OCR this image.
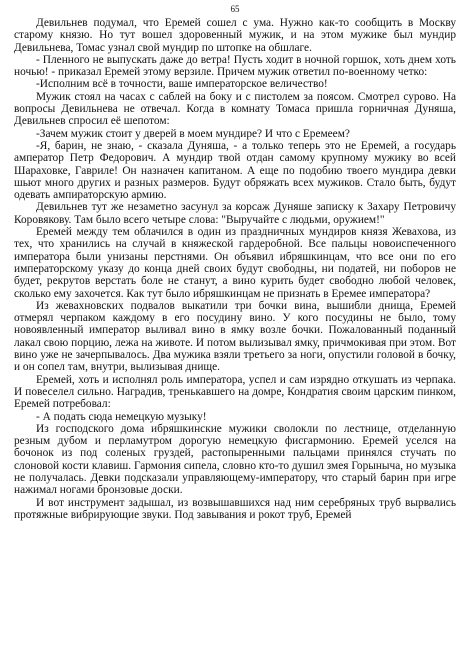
65

Девильнев подумал, что Еремей сошел с ума. Нужно как-то сообщить в Москву старому князю. Но тут вошел здоровенный мужик, и на этом мужике был мундир Девильнева, Томас узнал свой мундир по штопке на обшлаге.

- Пленного не выпускать даже до ветра! Пусть ходит в ночной горшок, хоть днем хоть ночью! - приказал Еремей этому верзиле. Причем мужик ответил по-военному четко:

-Исполним всё в точности, ваше императорское величество!

Мужик стоял на часах с саблей на боку и с пистолем за поясом. Смотрел сурово. На вопросы Девильнева не отвечал. Когда в комнату Томаса пришла горничная Дуняша, Девильнев спросил её шепотом:

-Зачем мужик стоит у дверей в моем мундире? И что с Еремеем?

-Я, барин, не знаю, - сказала Дуняша, - а только теперь это не Еремей, а государь амператор Петр Федорович. А мундир твой отдан самому крупному мужику во всей Шараховке, Гавриле! Он назначен капитаном. А еще по подобию твоего мундира девки шьют много других и разных размеров. Будут обряжать всех мужиков. Стало быть, будут одевать ампираторскую армию.

Девильнев тут же незаметно засунул за корсаж Дуняше записку к Захару Петровичу Коровякову. Там было всего четыре слова: "Выручайте с людьми, оружием!"

Еремей между тем облачился в один из праздничных мундиров князя Жевахова, из тех, что хранились на случай в княжеской гардеробной. Все пальцы новоиспеченного императора были унизаны перстнями. Он объявил ибряшкинцам, что все они по его императорскому указу до конца дней своих будут свободны, ни податей, ни поборов не будет, рекрутов верстать боле не станут, а вино курить будет свободно любой человек, сколько ему захочется. Как тут было ибряшкинцам не признать в Еремее императора?

Из жевахновских подвалов выкатили три бочки вина, вышибли днища, Еремей отмерял черпаком каждому в его посудину вино. У кого посудины не было, тому новоявленный император выливал вино в ямку возле бочки. Пожалованный поданный лакал свою порцию, лежа на животе. И потом вылизывал ямку, причмокивая при этом. Вот вино уже не зачерпывалось. Два мужика взяли третьего за ноги, опустили головой в бочку, и он сопел там, внутри, вылизывая днище.

Еремей, хоть и исполнял роль императора, успел и сам изрядно откушать из черпака. И повеселел сильно. Наградив, тренькавшего на домре, Кондратия своим царским пинком, Еремей потребовал:

- А подать сюда немецкую музыку!

Из господского дома ибряшкинские мужики сволокли по лестнице, отделанную резным дубом и перламутром дорогую немецкую фисгармонию. Еремей уселся на бочонок из под соленых груздей, растопыренными пальцами принялся стучать по слоновой кости клавиш. Гармония сипела, словно кто-то душил змея Горыныча, но музыка не получалась. Девки подсказали управляющему-императору, что старый барин при игре нажимал ногами бронзовые доски.

И вот инструмент задышал, из возвышавшихся над ним серебряных труб вырвались протяжные вибрирующие звуки. Под завывания и рокот труб, Еремей
